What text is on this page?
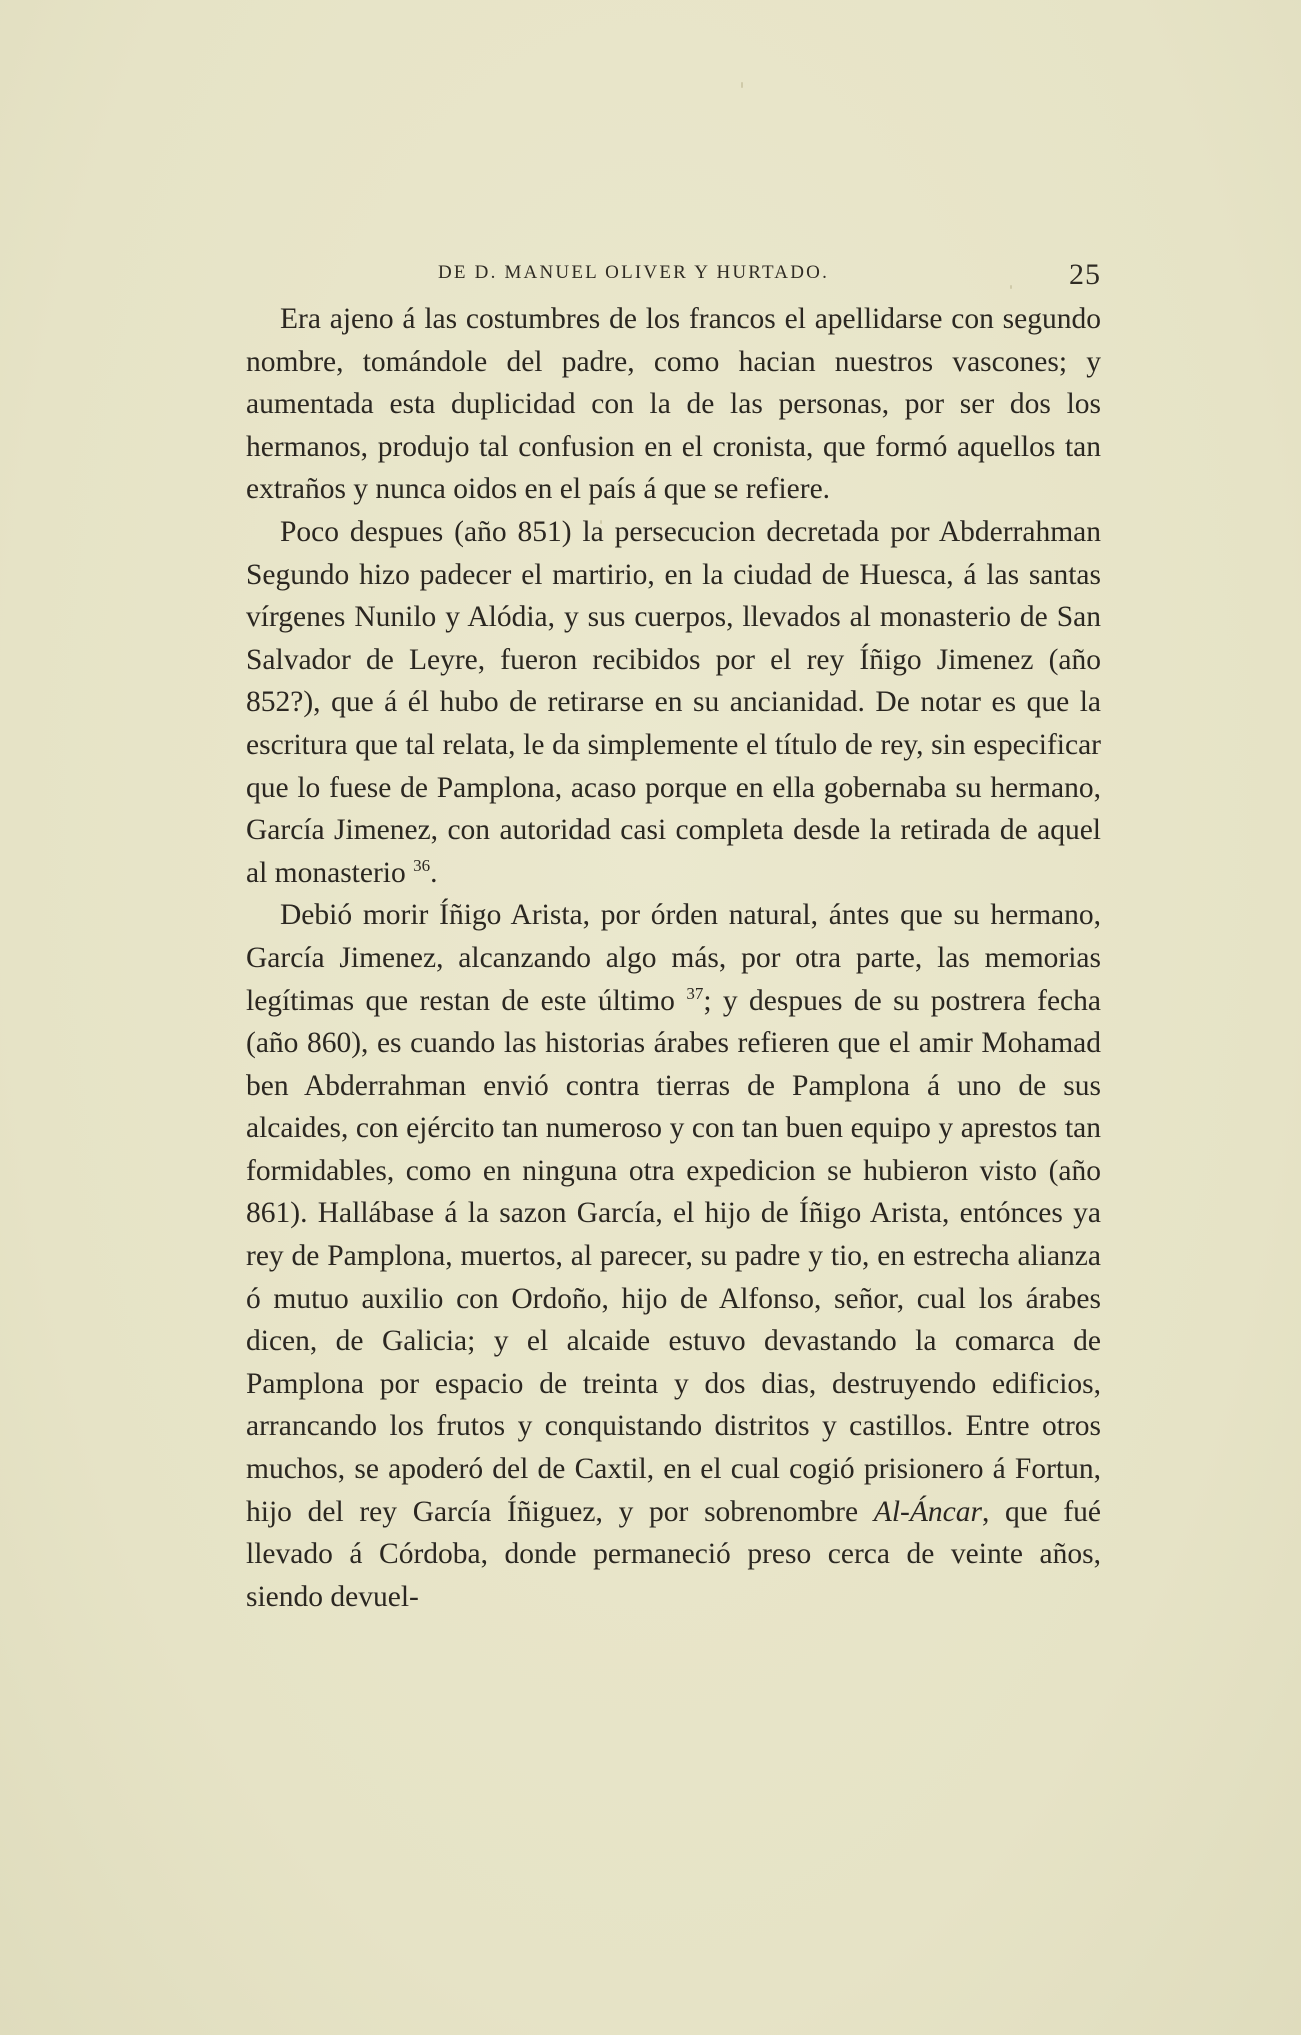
DE D. MANUEL OLIVER Y HURTADO.	25

Era ajeno á las costumbres de los francos el apellidarse con segundo nombre, tomándole del padre, como hacian nuestros vascones; y aumentada esta duplicidad con la de las personas, por ser dos los hermanos, produjo tal confusion en el cronista, que formó aquellos tan extraños y nunca oidos en el país á que se refiere.

Poco despues (año 851) la persecucion decretada por Abderrahman Segundo hizo padecer el martirio, en la ciudad de Huesca, á las santas vírgenes Nunilo y Alódia, y sus cuerpos, llevados al monasterio de San Salvador de Leyre, fueron recibidos por el rey Íñigo Jimenez (año 852?), que á él hubo de retirarse en su ancianidad. De notar es que la escritura que tal relata, le da simplemente el título de rey, sin especificar que lo fuese de Pamplona, acaso porque en ella gobernaba su hermano, García Jimenez, con autoridad casi completa desde la retirada de aquel al monasterio $^{36}$.

Debió morir Íñigo Arista, por órden natural, ántes que su hermano, García Jimenez, alcanzando algo más, por otra parte, las memorias legítimas que restan de este último $^{37}$; y despues de su postrera fecha (año 860), es cuando las historias árabes refieren que el amir Mohamad ben Abderrahman envió contra tierras de Pamplona á uno de sus alcaides, con ejército tan numeroso y con tan buen equipo y aprestos tan formidables, como en ninguna otra expedicion se hubieron visto (año 861). Hallábase á la sazon García, el hijo de Íñigo Arista, entónces ya rey de Pamplona, muertos, al parecer, su padre y tio, en estrecha alianza ó mutuo auxilio con Ordoño, hijo de Alfonso, señor, cual los árabes dicen, de Galicia; y el alcaide estuvo devastando la comarca de Pamplona por espacio de treinta y dos dias, destruyendo edificios, arrancando los frutos y conquistando distritos y castillos. Entre otros muchos, se apoderó del de Caxtil, en el cual cogió prisionero á Fortun, hijo del rey García Íñiguez, y por sobrenombre Al-Áncar, que fué llevado á Córdoba, donde permaneció preso cerca de veinte años, siendo devuel-
